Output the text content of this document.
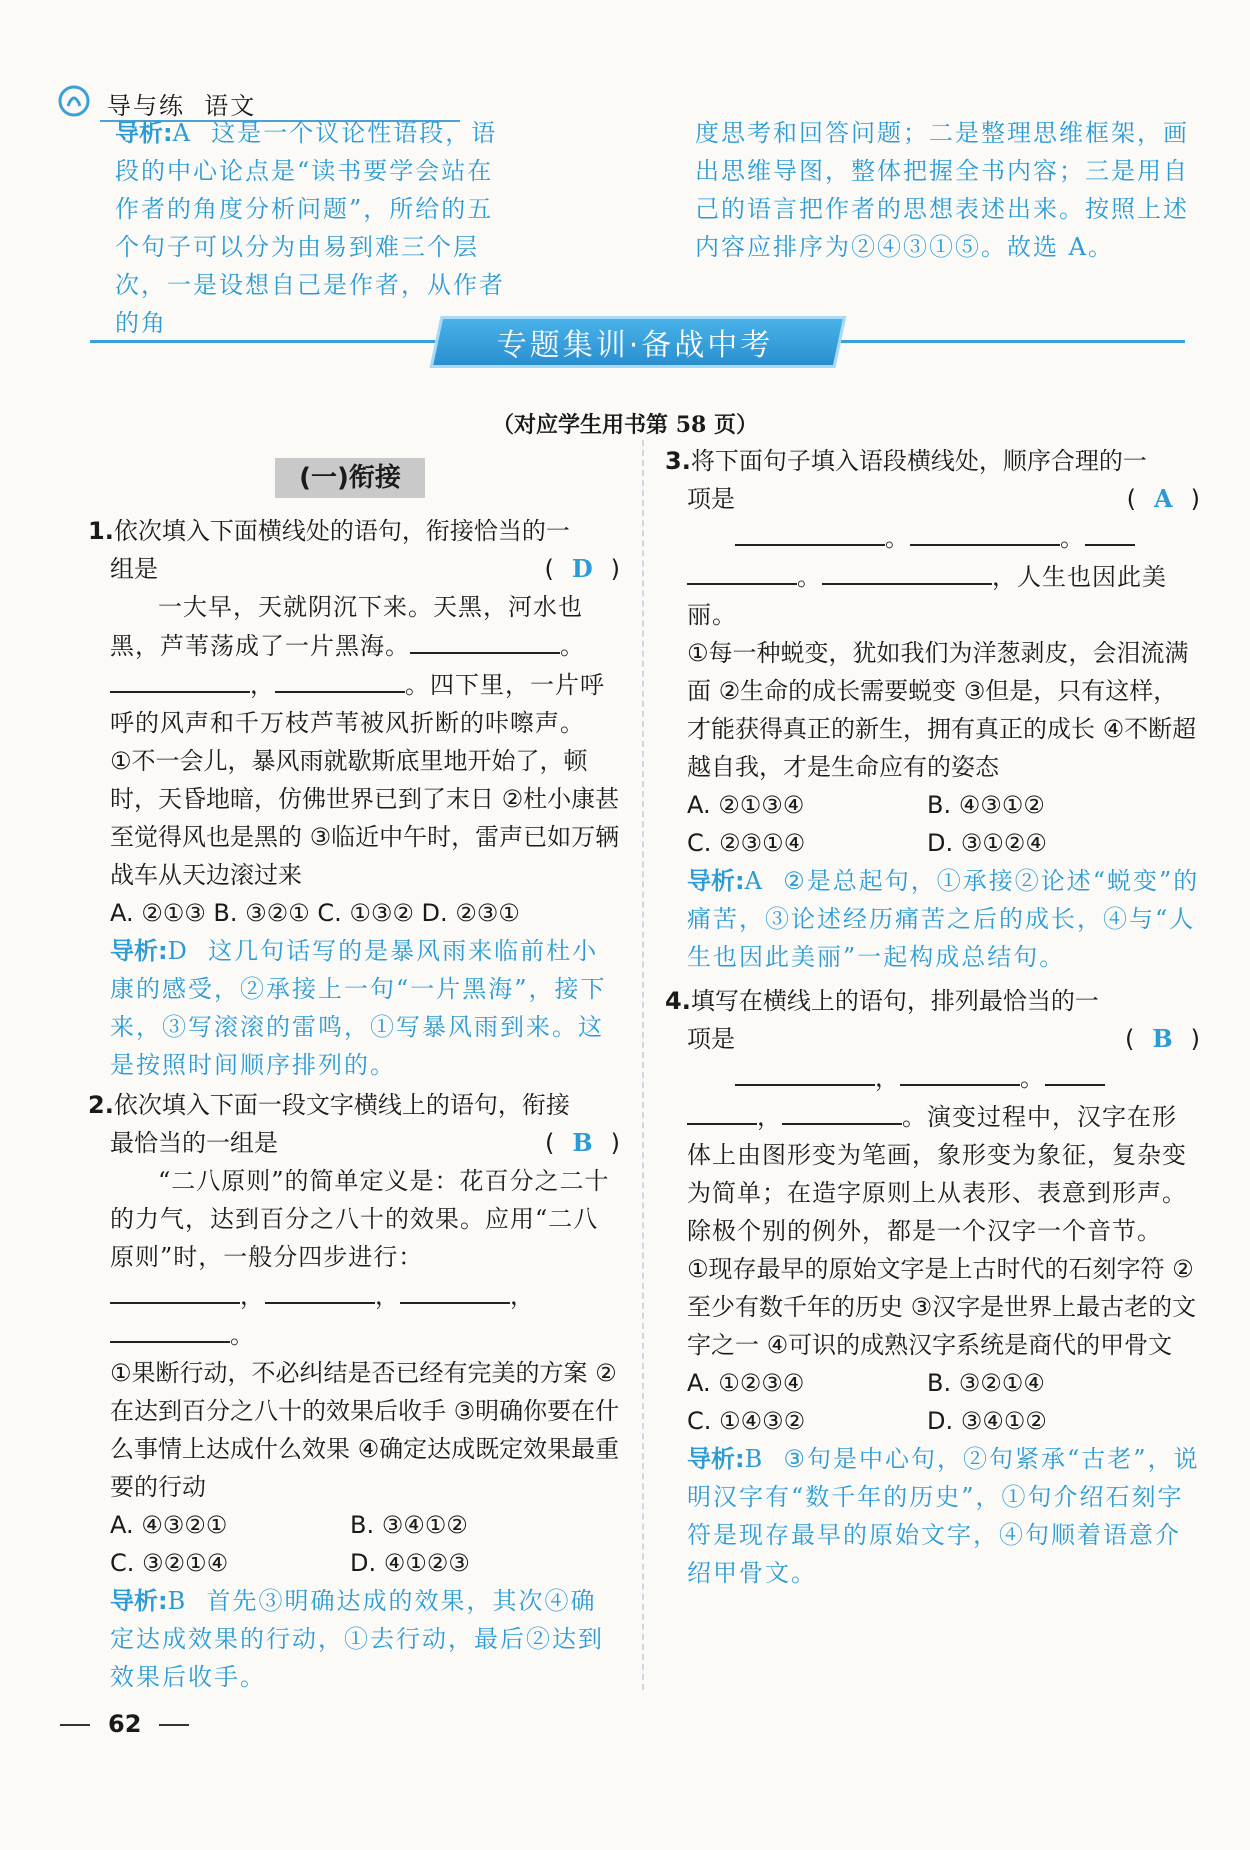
导与练 语文
导析:A 这是一个议论性语段，语段的中心论点是“读书要学会站在作者的角度分析问题”，所给的五个句子可以分为由易到难三个层次，一是设想自己是作者，从作者的角
度思考和回答问题；二是整理思维框架，画出思维导图，整体把握全书内容；三是用自己的语言把作者的思想表述出来。按照上述内容应排序为②④③①⑤。故选 A。
专题集训·备战中考
（对应学生用书第 58 页）
(一)衔接
1.依次填入下面横线处的语句，衔接恰当的一
组是	( D )
一大早，天就阴沉下来。天黑，河水也黑，芦苇荡成了一片黑海。	。，	。四下里，一片呼呼的风声和千万枝芦苇被风折断的咔嚓声。
①不一会儿，暴风雨就歇斯底里地开始了，顿时，天昏地暗，仿佛世界已到了末日 ②杜小康甚至觉得风也是黑的 ③临近中午时，雷声已如万辆战车从天边滚过来
A. ②①③ B. ③②① C. ①③② D. ②③①
导析:D 这几句话写的是暴风雨来临前杜小康的感受，②承接上一句“一片黑海”，接下来，③写滚滚的雷鸣，①写暴风雨到来。这是按照时间顺序排列的。
2.依次填入下面一段文字横线上的语句，衔接
最恰当的一组是	( B )
“二八原则”的简单定义是：花百分之二十的力气，达到百分之八十的效果。应用“二八原则”时，一般分四步进行：
，	，	，
。
①果断行动，不必纠结是否已经有完美的方案 ②在达到百分之八十的效果后收手 ③明确你要在什么事情上达成什么效果 ④确定达成既定效果最重要的行动
A. ④③②①	B. ③④①②
C. ③②①④	D. ④①②③
导析:B 首先③明确达成的效果，其次④确定达成效果的行动，①去行动，最后②达到效果后收手。
3.将下面句子填入语段横线处，顺序合理的一
项是	( A )
。	。
。	，人生也因此美丽。
①每一种蜕变，犹如我们为洋葱剥皮，会泪流满面 ②生命的成长需要蜕变 ③但是，只有这样，才能获得真正的新生，拥有真正的成长 ④不断超越自我，才是生命应有的姿态
A. ②①③④	B. ④③①②
C. ②③①④	D. ③①②④
导析:A ②是总起句，①承接②论述“蜕变”的痛苦，③论述经历痛苦之后的成长，④与“人生也因此美丽”一起构成总结句。
4.填写在横线上的语句，排列最恰当的一
项是	( B )
，	。
，	。演变过程中，汉字在形体上由图形变为笔画，象形变为象征，复杂变为简单；在造字原则上从表形、表意到形声。除极个别的例外，都是一个汉字一个音节。
①现存最早的原始文字是上古时代的石刻字符 ②至少有数千年的历史 ③汉字是世界上最古老的文字之一 ④可识的成熟汉字系统是商代的甲骨文
A. ①②③④	B. ③②①④
C. ①④③②	D. ③④①②
导析:B ③句是中心句，②句紧承“古老”，说明汉字有“数千年的历史”，①句介绍石刻字符是现存最早的原始文字，④句顺着语意介绍甲骨文。
62
